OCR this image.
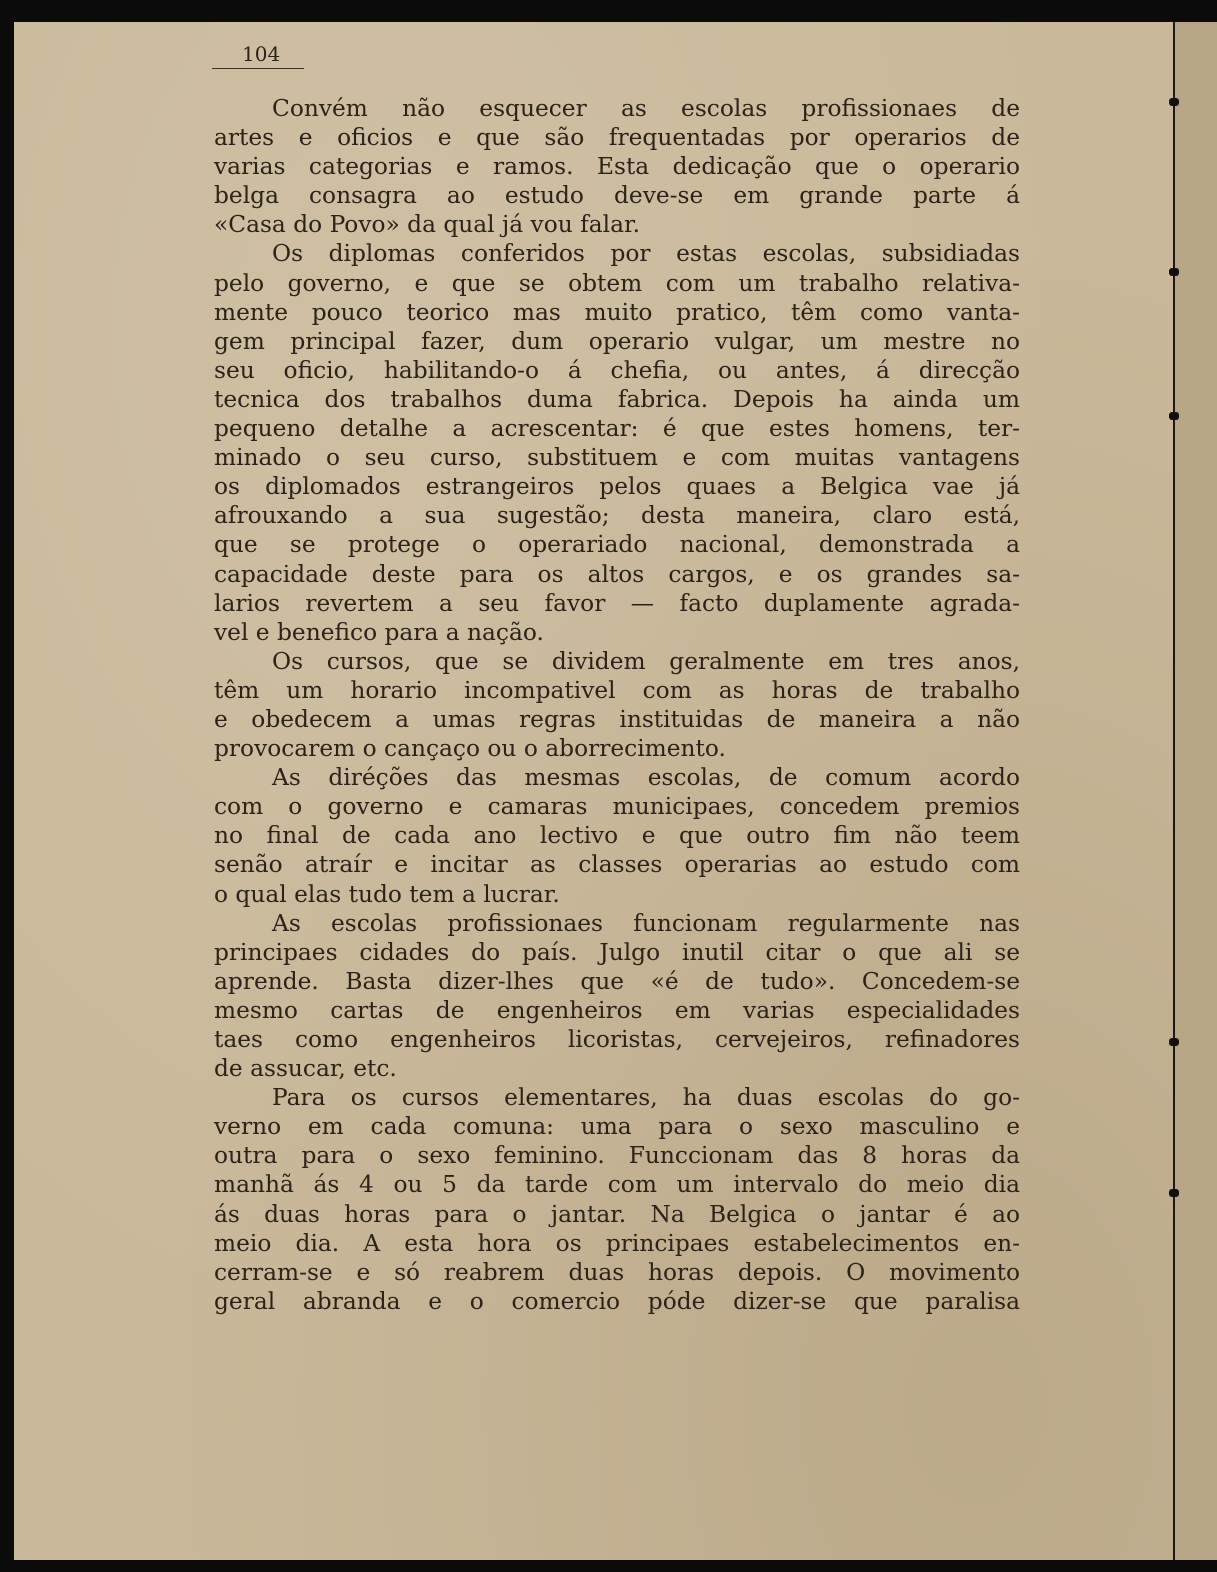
104
Convém não esquecer as escolas profissionaes de
artes e oficios e que são frequentadas por operarios de
varias categorias e ramos. Esta dedicação que o operario
belga consagra ao estudo deve-se em grande parte á
«Casa do Povo» da qual já vou falar.
Os diplomas conferidos por estas escolas, subsidiadas
pelo governo, e que se obtem com um trabalho relativa-
mente pouco teorico mas muito pratico, têm como vanta-
gem principal fazer, dum operario vulgar, um mestre no
seu oficio, habilitando-o á chefia, ou antes, á direcção
tecnica dos trabalhos duma fabrica. Depois ha ainda um
pequeno detalhe a acrescentar: é que estes homens, ter-
minado o seu curso, substituem e com muitas vantagens
os diplomados estrangeiros pelos quaes a Belgica vae já
afrouxando a sua sugestão; desta maneira, claro está,
que se protege o operariado nacional, demonstrada a
capacidade deste para os altos cargos, e os grandes sa-
larios revertem a seu favor — facto duplamente agrada-
vel e benefico para a nação.
Os cursos, que se dividem geralmente em tres anos,
têm um horario incompativel com as horas de trabalho
e obedecem a umas regras instituidas de maneira a não
provocarem o cançaço ou o aborrecimento.
As diréções das mesmas escolas, de comum acordo
com o governo e camaras municipaes, concedem premios
no final de cada ano lectivo e que outro fim não teem
senão atraír e incitar as classes operarias ao estudo com
o qual elas tudo tem a lucrar.
As escolas profissionaes funcionam regularmente nas
principaes cidades do país. Julgo inutil citar o que ali se
aprende. Basta dizer-lhes que «é de tudo». Concedem-se
mesmo cartas de engenheiros em varias especialidades
taes como engenheiros licoristas, cervejeiros, refinadores
de assucar, etc.
Para os cursos elementares, ha duas escolas do go-
verno em cada comuna: uma para o sexo masculino e
outra para o sexo feminino. Funccionam das 8 horas da
manhã ás 4 ou 5 da tarde com um intervalo do meio dia
ás duas horas para o jantar. Na Belgica o jantar é ao
meio dia. A esta hora os principaes estabelecimentos en-
cerram-se e só reabrem duas horas depois. O movimento
geral abranda e o comercio póde dizer-se que paralisa
